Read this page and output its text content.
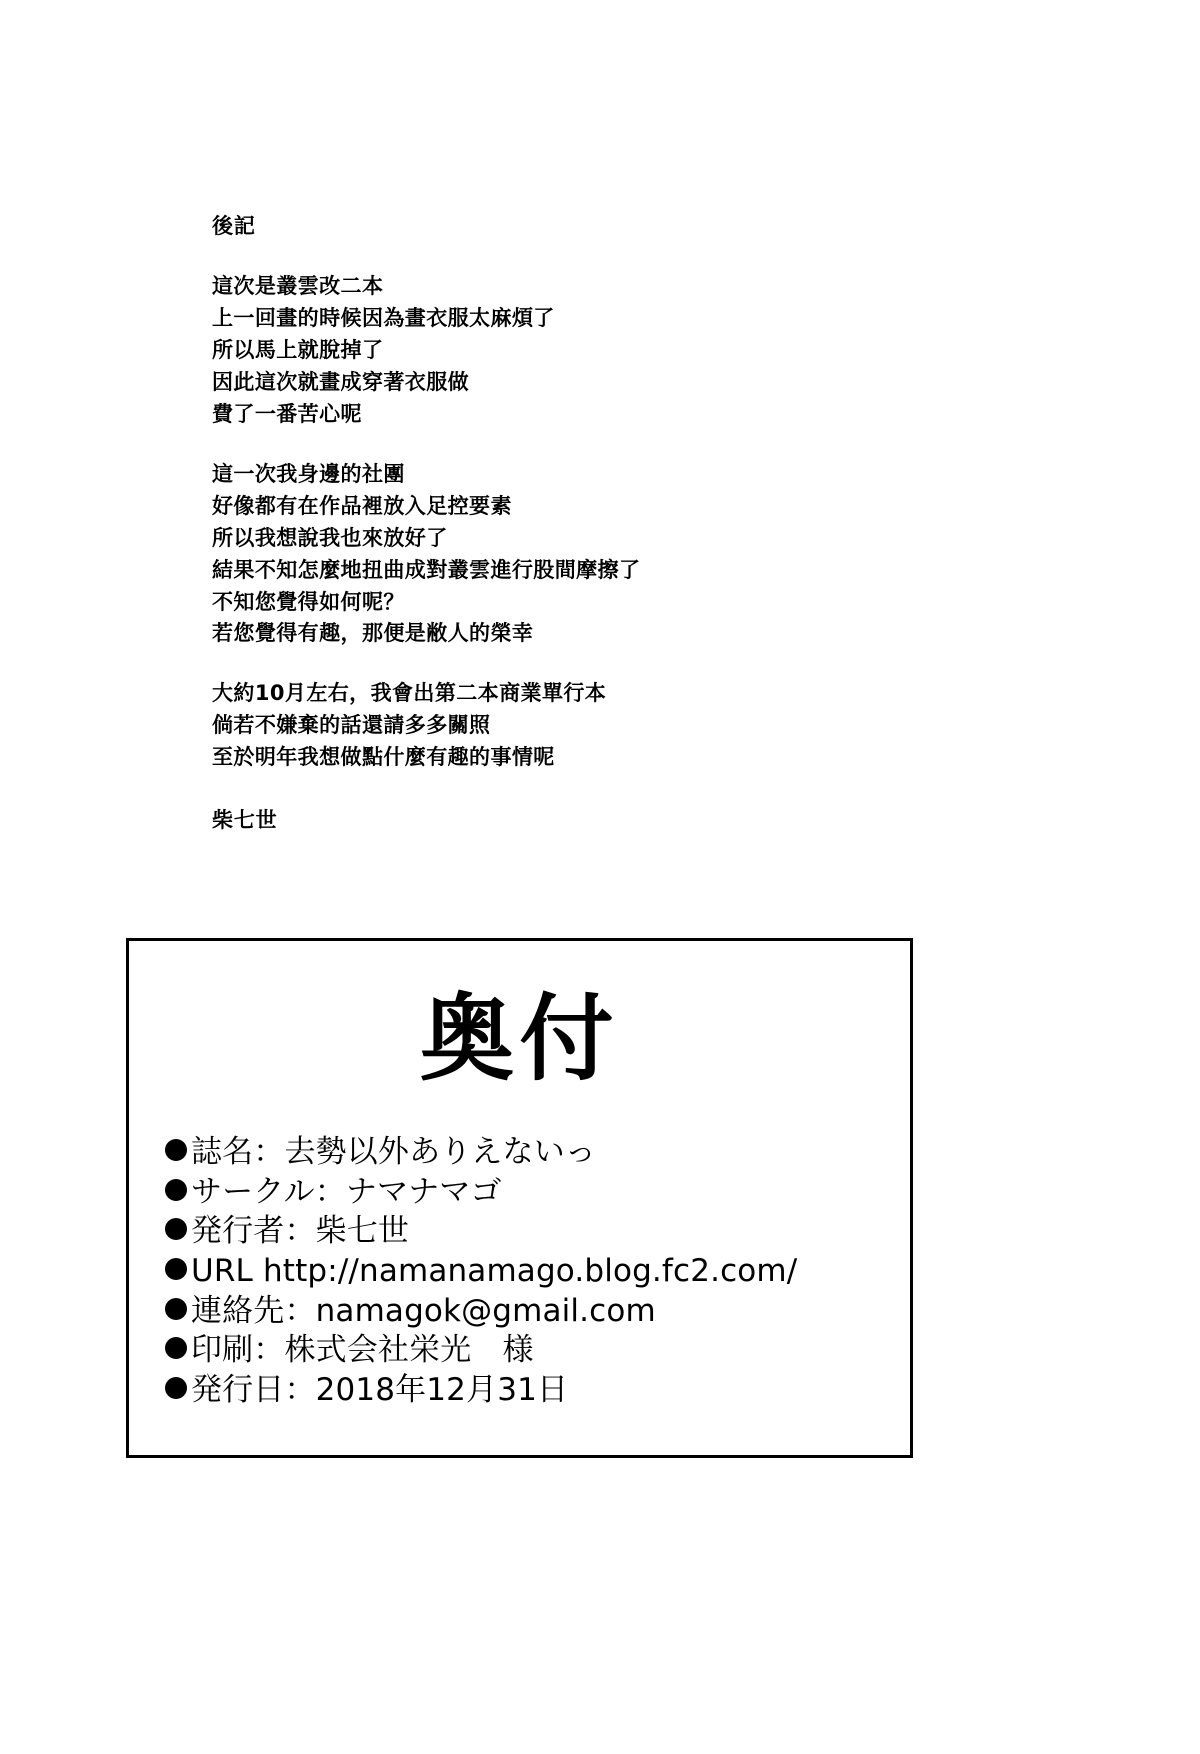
後記
這次是叢雲改二本
上一回畫的時候因為畫衣服太麻煩了
所以馬上就脫掉了
因此這次就畫成穿著衣服做
費了一番苦心呢
這一次我身邊的社團
好像都有在作品裡放入足控要素
所以我想說我也來放好了
結果不知怎麼地扭曲成對叢雲進行股間摩擦了
不知您覺得如何呢？
若您覺得有趣，那便是敝人的榮幸
大約10月左右，我會出第二本商業單行本
倘若不嫌棄的話還請多多關照
至於明年我想做點什麼有趣的事情呢
柴七世
奥付
誌名：去勢以外ありえないっ
サークル：ナマナマゴ
発行者：柴七世
URL http://namanamago.blog.fc2.com/
連絡先：namagok@gmail.com
印刷：株式会社栄光　様
発行日：2018年12月31日
